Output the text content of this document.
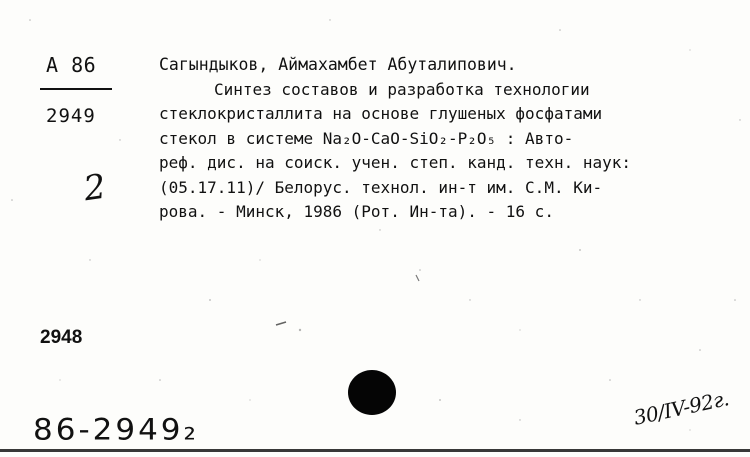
А 86
2949
2
2948
Сагындыков, Аймахамбет Абуталипович.
Синтез составов и разработка технологии
стеклокристаллита на основе глушеных фосфатами
стекол в системе Na₂O-CaO-SiO₂-P₂O₅ : Авто-
реф. дис. на соиск. учен. степ. канд. техн. наук:
(05.17.11)/ Белорус. технол. ин-т им. С.М. Ки-
рова. - Минск, 1986 (Рот. Ин-та). - 16 с.
30/IV-92г.
86-2949₂
